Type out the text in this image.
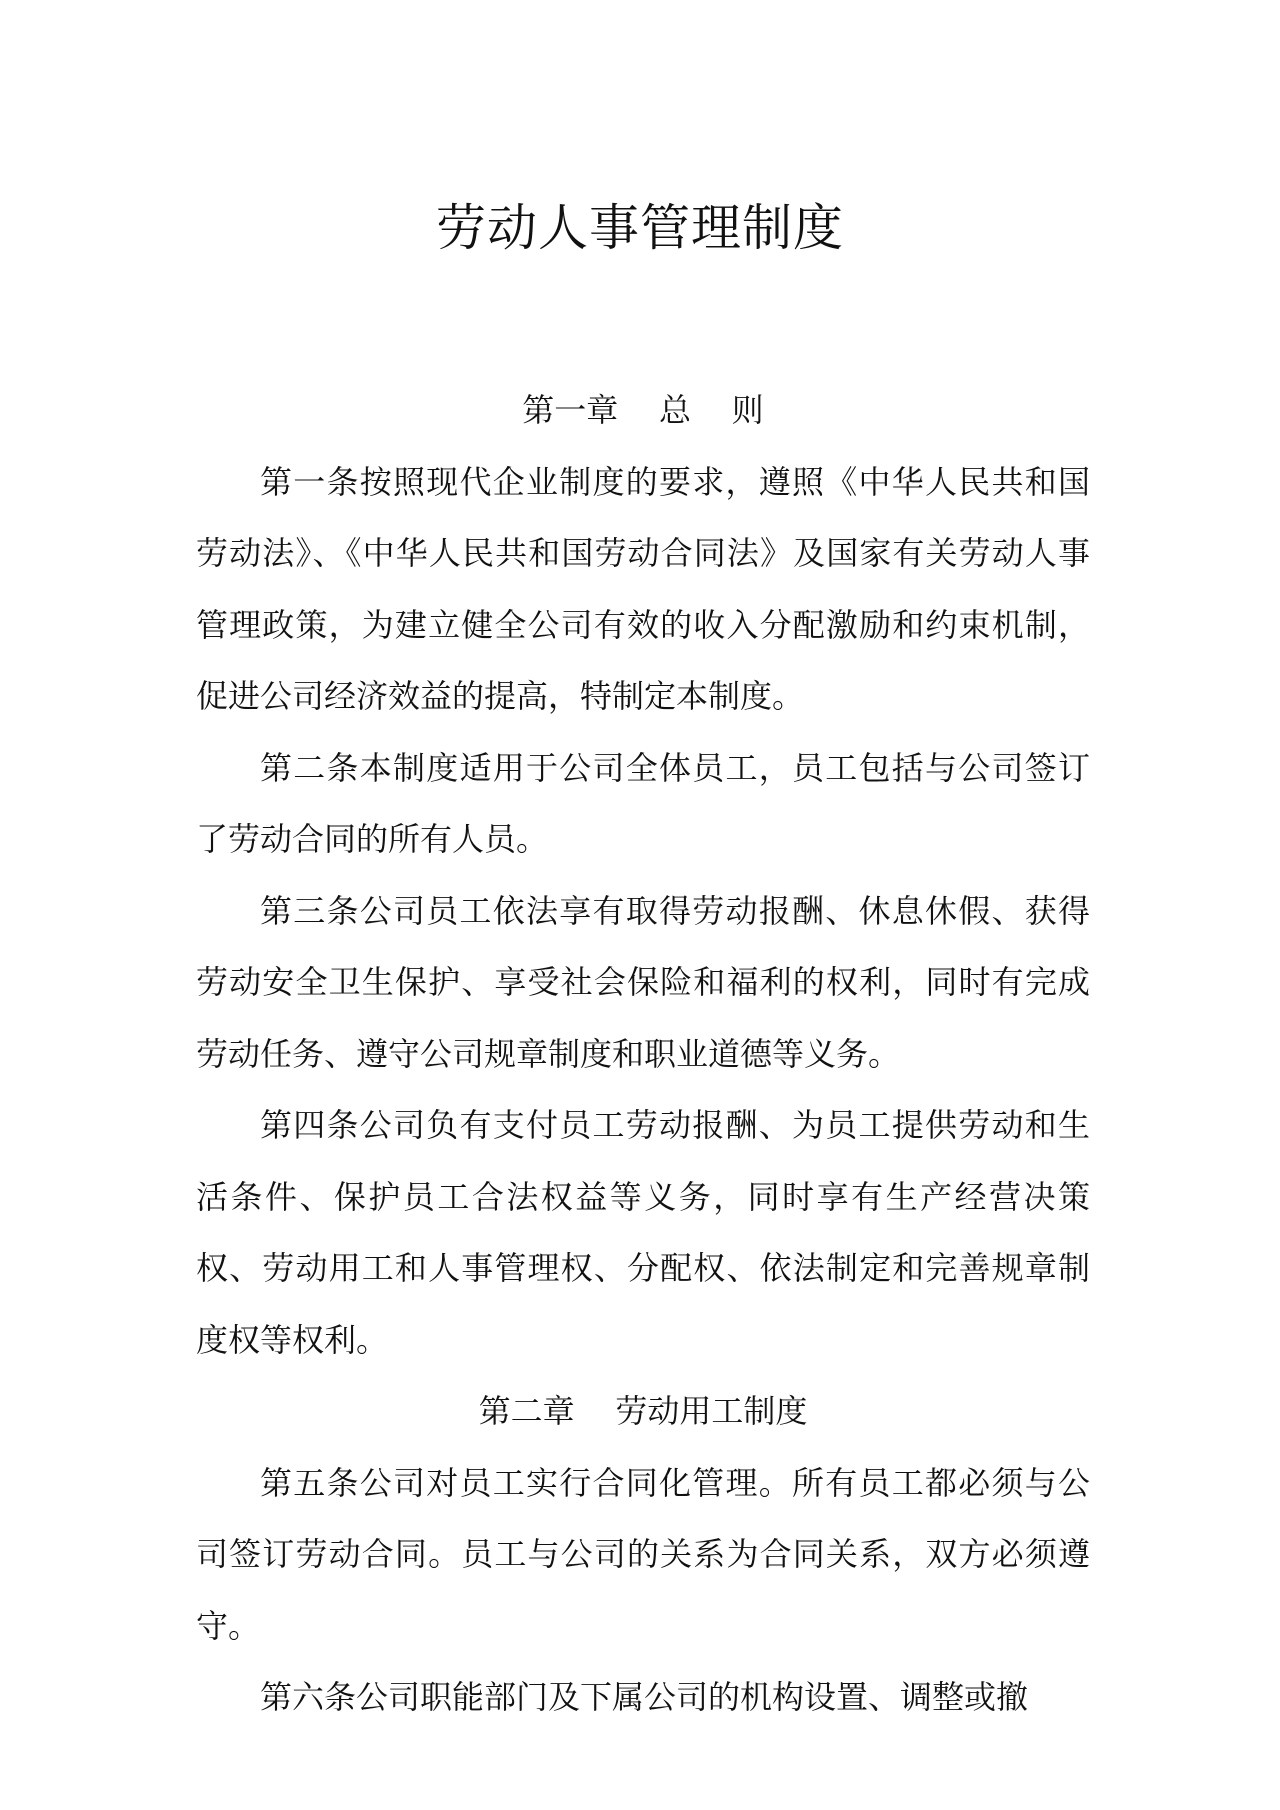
劳动人事管理制度
第一章    总    则

第一条按照现代企业制度的要求，遵照《中华人民共和国劳动法》、《中华人民共和国劳动合同法》及国家有关劳动人事管理政策，为建立健全公司有效的收入分配激励和约束机制，促进公司经济效益的提高，特制定本制度。

第二条本制度适用于公司全体员工，员工包括与公司签订了劳动合同的所有人员。

第三条公司员工依法享有取得劳动报酬、休息休假、获得劳动安全卫生保护、享受社会保险和福利的权利，同时有完成劳动任务、遵守公司规章制度和职业道德等义务。

第四条公司负有支付员工劳动报酬、为员工提供劳动和生活条件、保护员工合法权益等义务，同时享有生产经营决策权、劳动用工和人事管理权、分配权、依法制定和完善规章制度权等权利。

第二章    劳动用工制度

第五条公司对员工实行合同化管理。所有员工都必须与公司签订劳动合同。员工与公司的关系为合同关系，双方必须遵守。

第六条公司职能部门及下属公司的机构设置、调整或撤
